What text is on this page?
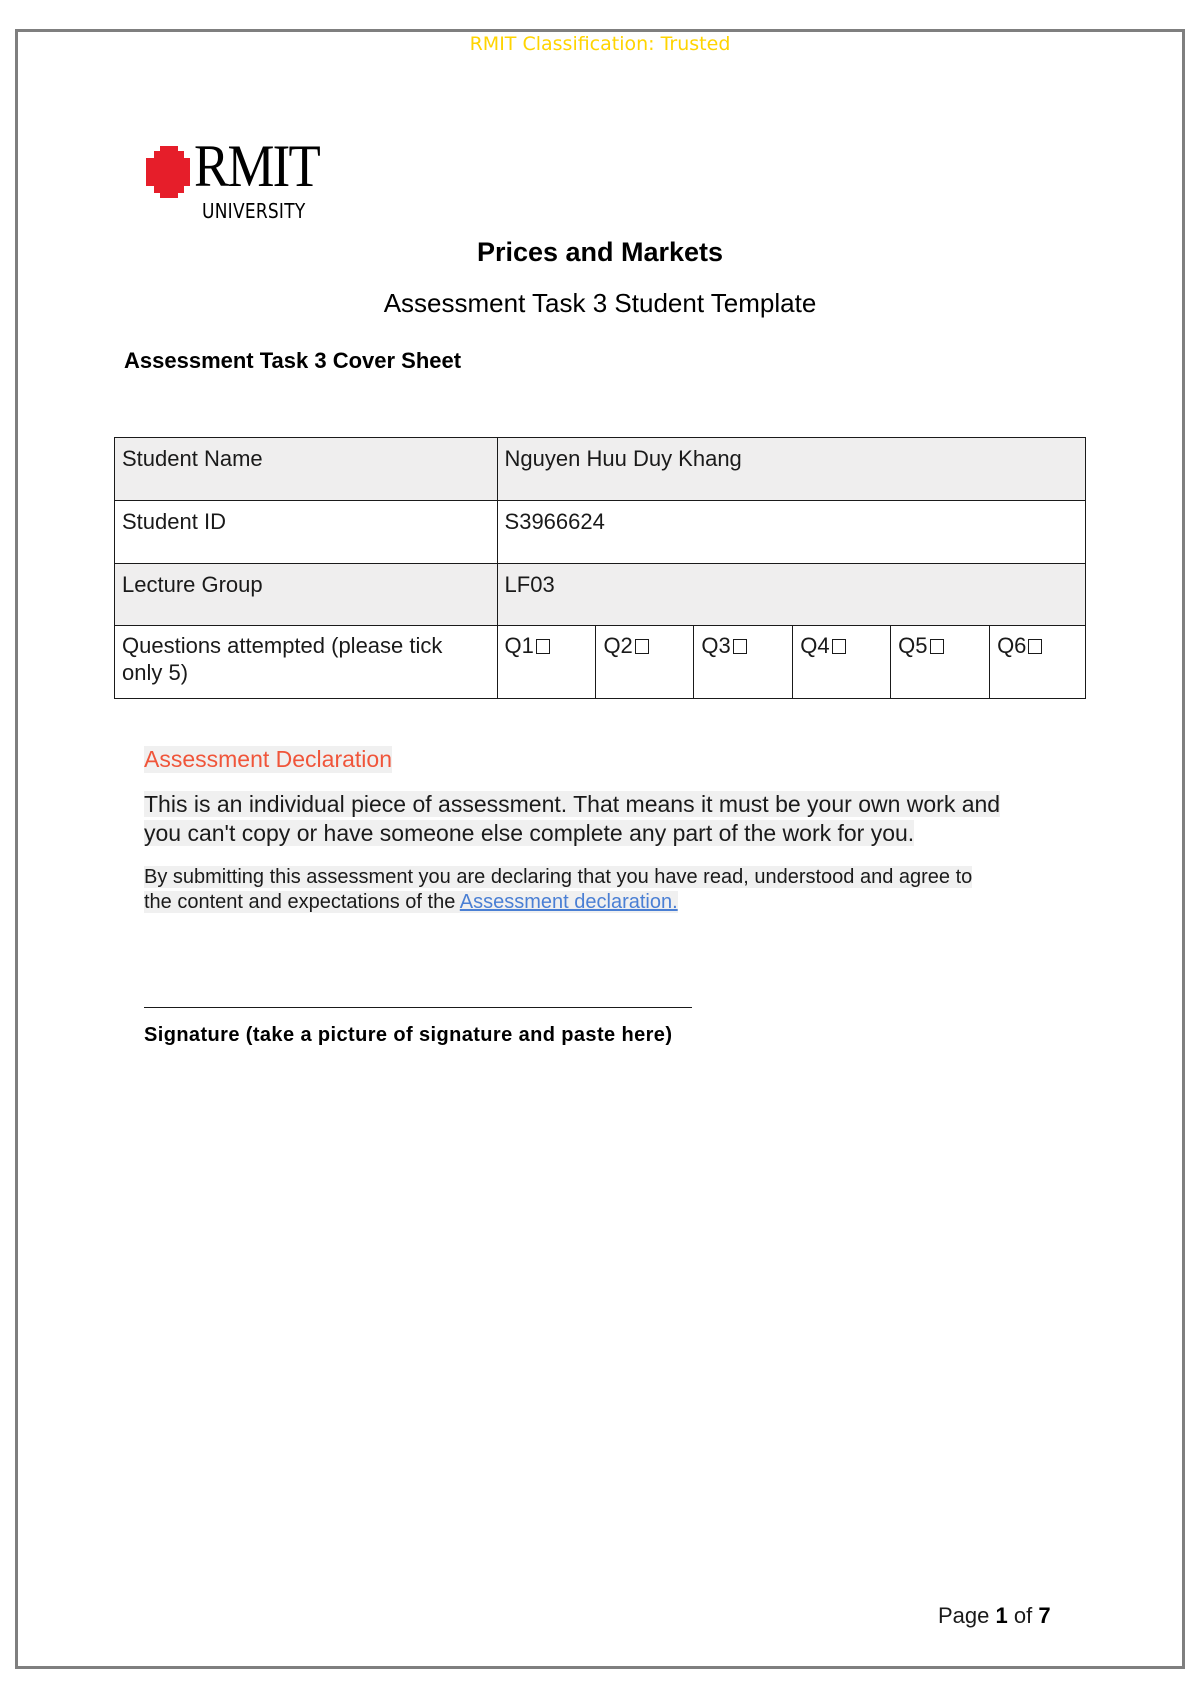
RMIT Classification: Trusted
RMIT
UNIVERSITY
Prices and Markets
Assessment Task 3 Student Template
Assessment Task 3 Cover Sheet
Student Name	Nguyen Huu Duy Khang					
Student ID	S3966624					
Lecture Group	LF03					
Questions attempted (please tick
only 5)	Q1	Q2	Q3	Q4	Q5	Q6
Assessment Declaration
This is an individual piece of assessment. That means it must be your own work and
you can't copy or have someone else complete any part of the work for you.
By submitting this assessment you are declaring that you have read, understood and agree to
the content and expectations of the Assessment declaration.
Signature (take a picture of signature and paste here)
Page 1 of 7
